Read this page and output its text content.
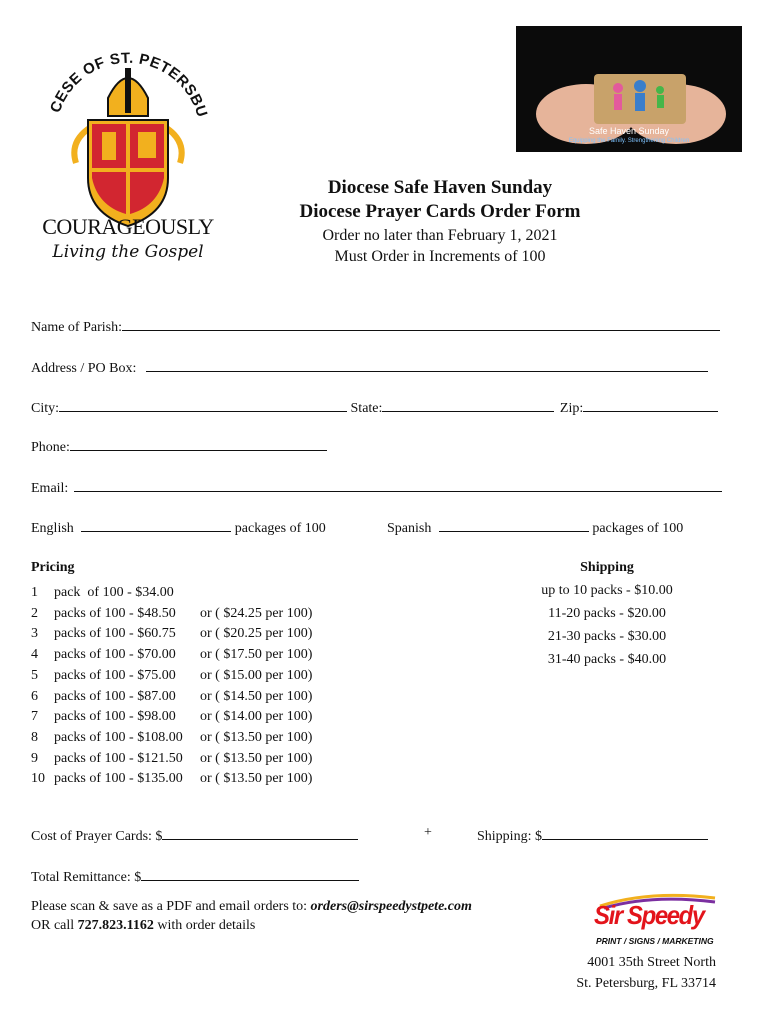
CESE OF ST. PETERSBU
COURAGEOUSLY
Living the Gospel
Safe Haven Sunday
Equipping the Family. Strengthening Children
Diocese Safe Haven Sunday
Diocese Prayer Cards Order Form
Order no later than February 1, 2021
Must Order in Increments of 100
Name of Parish:
Address / PO Box:
City:	State:	Zip:
Phone:
Email:
English	packages of 100	Spanish	packages of 100
Pricing
1 pack  of 100 - $34.00
2 packs of 100 - $48.50 or ( $24.25 per 100)
3 packs of 100 - $60.75 or ( $20.25 per 100)
4 packs of 100 - $70.00 or ( $17.50 per 100)
5 packs of 100 - $75.00 or ( $15.00 per 100)
6 packs of 100 - $87.00 or ( $14.50 per 100)
7 packs of 100 - $98.00 or ( $14.00 per 100)
8 packs of 100 - $108.00 or ( $13.50 per 100)
9 packs of 100 - $121.50 or ( $13.50 per 100)
10 packs of 100 - $135.00 or ( $13.50 per 100)
Shipping
up to 10 packs - $10.00
11-20 packs - $20.00
21-30 packs - $30.00
31-40 packs - $40.00
Cost of Prayer Cards: $	+	Shipping: $
Total Remittance: $
Please scan & save as a PDF and email orders to: orders@sirspeedystpete.com
OR call 727.823.1162 with order details	Sir Speedy
PRINT / SIGNS / MARKETING
4001 35th Street North
St. Petersburg, FL 33714
